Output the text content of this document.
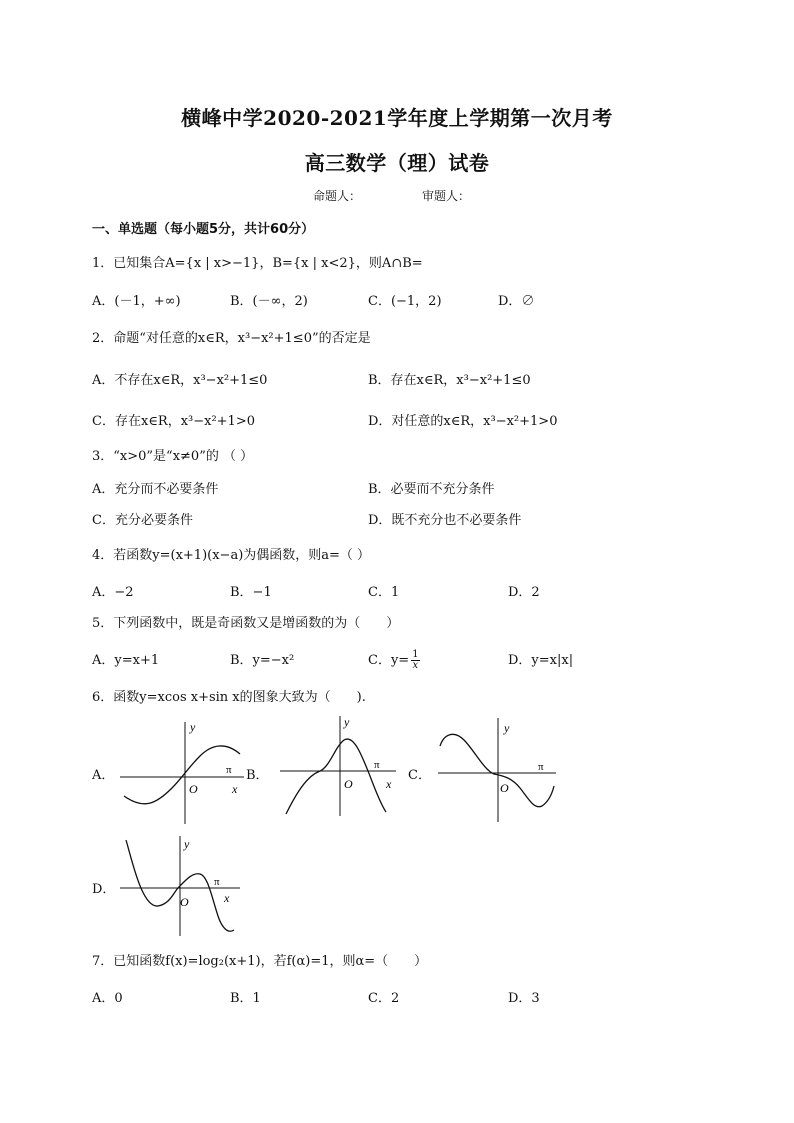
横峰中学2020-2021学年度上学期第一次月考
高三数学（理）试卷
命题人：	审题人：
一、单选题（每小题5分，共计60分）
1．已知集合A={x | x>−1}，B={x | x<2}，则A∩B=
A．(－1，+∞)	B．(－∞，2)	C．(−1，2)	D．∅
2．命题“对任意的x∈R，x³−x²+1≤0”的否定是
A．不存在x∈R，x³−x²+1≤0	B．存在x∈R，x³−x²+1≤0
C．存在x∈R，x³−x²+1>0	D．对任意的x∈R，x³−x²+1>0
3．“x>0”是“x≠0”的 （ ）
A．充分而不必要条件	B．必要而不充分条件
C．充分必要条件	D．既不充分也不必要条件
4．若函数y=(x+1)(x−a)为偶函数，则a=（ ）
A．−2	B．−1	C．1	D．2
5．下列函数中，既是奇函数又是增函数的为（　　）
A．y=x+1	B．y=−x²	C．$y= \frac{1}{x}$	D．y=x|x|
6．函数y=xcos x+sin x的图象大致为（　　).
A．
y
O
π
x
B．
y
O
π
x
C．
y
O
π
D．
y
O
π
x
7．已知函数f(x)=log₂(x+1)，若f(α)=1，则α=（　　）
A．0	B．1	C．2	D．3
